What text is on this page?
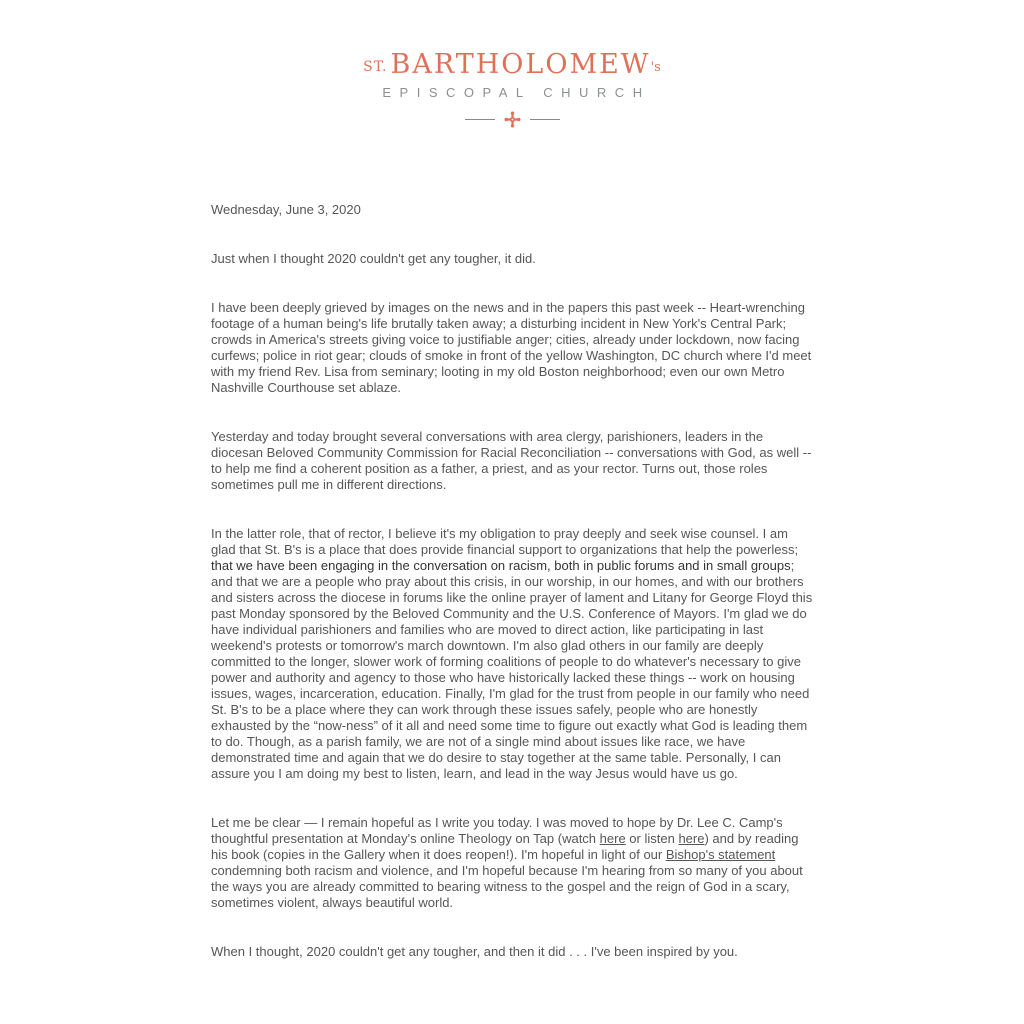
ST. BARTHOLOMEW's
EPISCOPAL CHURCH

Wednesday, June 3, 2020

Just when I thought 2020 couldn't get any tougher, it did.

I have been deeply grieved by images on the news and in the papers this past week -- Heart-wrenching footage of a human being's life brutally taken away; a disturbing incident in New York's Central Park; crowds in America's streets giving voice to justifiable anger; cities, already under lockdown, now facing curfews; police in riot gear; clouds of smoke in front of the yellow Washington, DC church where I'd meet with my friend Rev. Lisa from seminary; looting in my old Boston neighborhood; even our own Metro Nashville Courthouse set ablaze.

Yesterday and today brought several conversations with area clergy, parishioners, leaders in the diocesan Beloved Community Commission for Racial Reconciliation -- conversations with God, as well -- to help me find a coherent position as a father, a priest, and as your rector. Turns out, those roles sometimes pull me in different directions.

In the latter role, that of rector, I believe it's my obligation to pray deeply and seek wise counsel. I am glad that St. B's is a place that does provide financial support to organizations that help the powerless; that we have been engaging in the conversation on racism, both in public forums and in small groups; and that we are a people who pray about this crisis, in our worship, in our homes, and with our brothers and sisters across the diocese in forums like the online prayer of lament and Litany for George Floyd this past Monday sponsored by the Beloved Community and the U.S. Conference of Mayors. I'm glad we do have individual parishioners and families who are moved to direct action, like participating in last weekend's protests or tomorrow's march downtown. I'm also glad others in our family are deeply committed to the longer, slower work of forming coalitions of people to do whatever's necessary to give power and authority and agency to those who have historically lacked these things -- work on housing issues, wages, incarceration, education. Finally, I'm glad for the trust from people in our family who need St. B's to be a place where they can work through these issues safely, people who are honestly exhausted by the “now-ness” of it all and need some time to figure out exactly what God is leading them to do. Though, as a parish family, we are not of a single mind about issues like race, we have demonstrated time and again that we do desire to stay together at the same table. Personally, I can assure you I am doing my best to listen, learn, and lead in the way Jesus would have us go.

Let me be clear — I remain hopeful as I write you today. I was moved to hope by Dr. Lee C. Camp's thoughtful presentation at Monday's online Theology on Tap (watch here or listen here) and by reading his book (copies in the Gallery when it does reopen!). I'm hopeful in light of our Bishop's statement condemning both racism and violence, and I'm hopeful because I'm hearing from so many of you about the ways you are already committed to bearing witness to the gospel and the reign of God in a scary, sometimes violent, always beautiful world.

When I thought, 2020 couldn't get any tougher, and then it did . . . I've been inspired by you.
